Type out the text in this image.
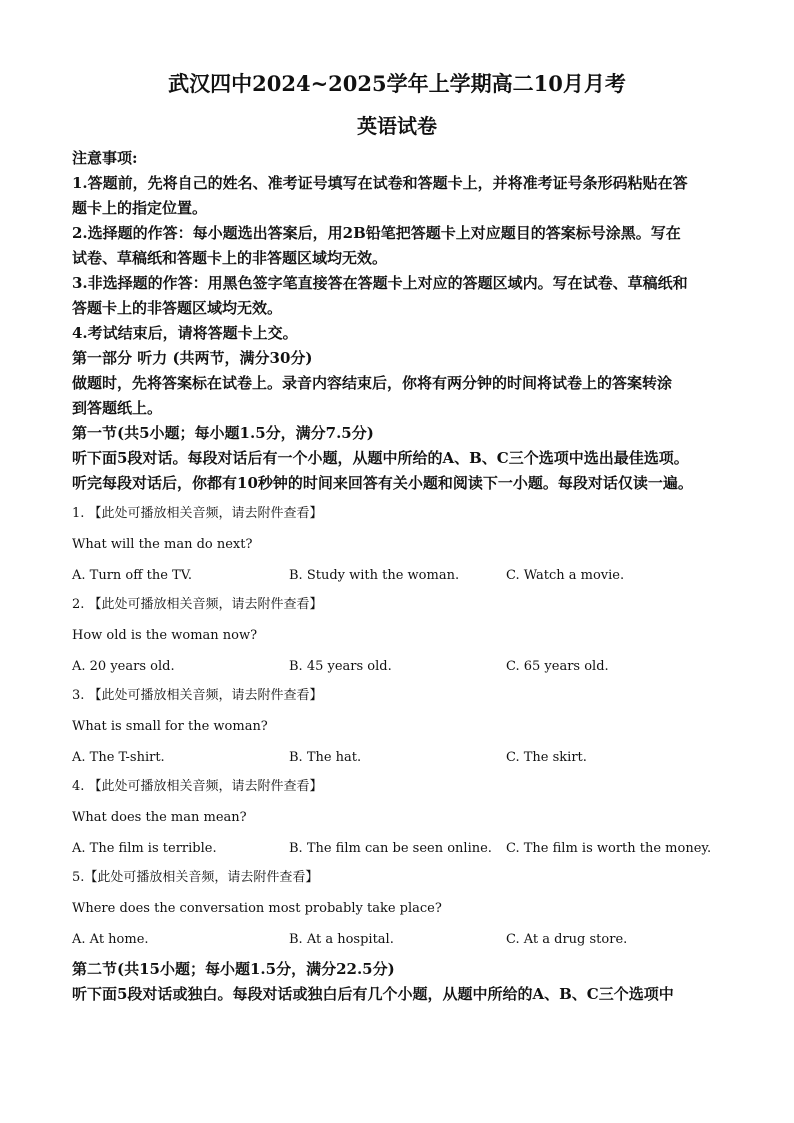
武汉四中2024~2025学年上学期高二10月月考
英语试卷
注意事项:
1.答题前，先将自己的姓名、准考证号填写在试卷和答题卡上，并将准考证号条形码粘贴在答
题卡上的指定位置。
2.选择题的作答：每小题选出答案后，用2B铅笔把答题卡上对应题目的答案标号涂黑。写在
试卷、草稿纸和答题卡上的非答题区域均无效。
3.非选择题的作答：用黑色签字笔直接答在答题卡上对应的答题区域内。写在试卷、草稿纸和
答题卡上的非答题区域均无效。
4.考试结束后，请将答题卡上交。
第一部分 听力 (共两节，满分30分)
做题时，先将答案标在试卷上。录音内容结束后，你将有两分钟的时间将试卷上的答案转涂
到答题纸上。
第一节(共5小题；每小题1.5分，满分7.5分)
听下面5段对话。每段对话后有一个小题，从题中所给的A、B、C三个选项中选出最佳选项。
听完每段对话后，你都有10秒钟的时间来回答有关小题和阅读下一小题。每段对话仅读一遍。
1. 【此处可播放相关音频，请去附件查看】
What will the man do next?
A. Turn off the TV.	B. Study with the woman.	C. Watch a movie.
2. 【此处可播放相关音频，请去附件查看】
How old is the woman now?
A. 20 years old.	B. 45 years old.	C. 65 years old.
3. 【此处可播放相关音频，请去附件查看】
What is small for the woman?
A. The T-shirt.	B. The hat.	C. The skirt.
4. 【此处可播放相关音频，请去附件查看】
What does the man mean?
A. The film is terrible.	B. The film can be seen online. C. The film is worth the money.
5.【此处可播放相关音频，请去附件查看】
Where does the conversation most probably take place?
A. At home.	B. At a hospital.	C. At a drug store.
第二节(共15小题；每小题1.5分，满分22.5分)
听下面5段对话或独白。每段对话或独白后有几个小题，从题中所给的A、B、C三个选项中
